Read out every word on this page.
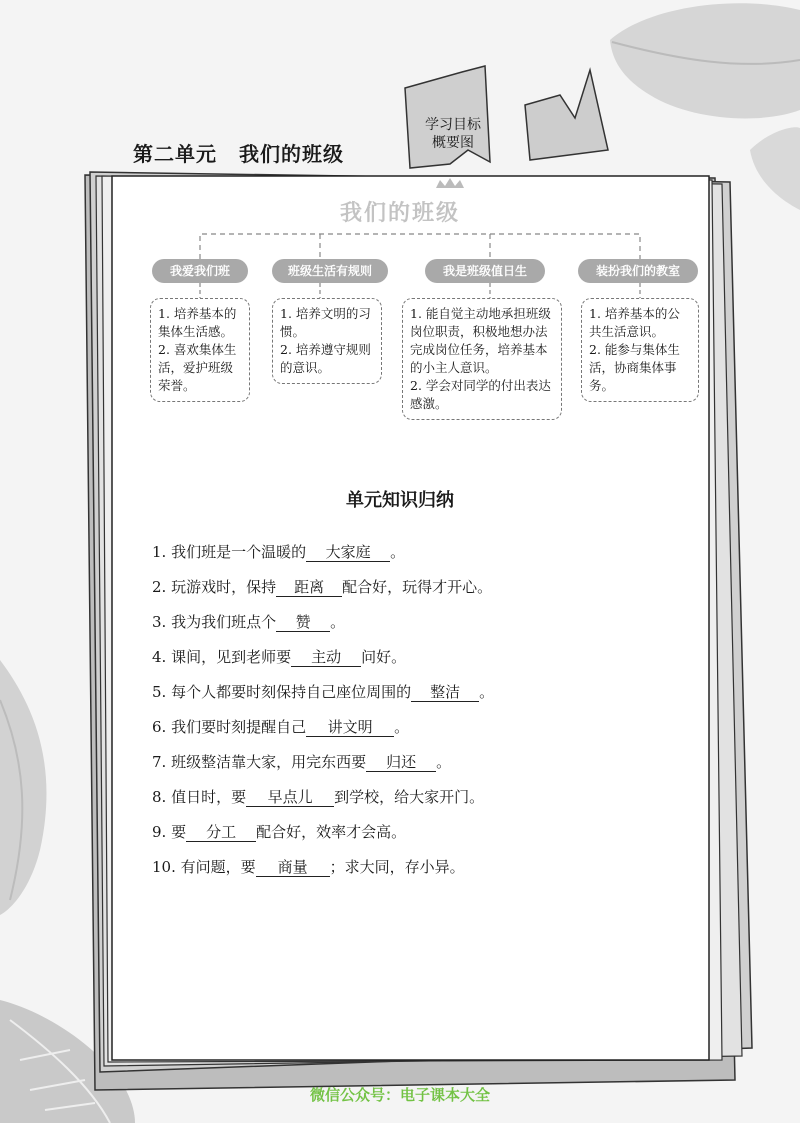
第二单元 我们的班级
学习目标
概要图
我们的班级
我爱我们班	班级生活有规则	我是班级值日生	装扮我们的教室

1. 培养基本的集体生活感。

2. 喜欢集体生活，爱护班级荣誉。

1. 培养文明的习惯。

2. 培养遵守规则的意识。

1. 能自觉主动地承担班级岗位职责，积极地想办法完成岗位任务，培养基本的小主人意识。

2. 学会对同学的付出表达感激。

1. 培养基本的公共生活意识。

2. 能参与集体生活，协商集体事务。

单元知识归纳
1. 我们班是一个温暖的 大家庭 。
2. 玩游戏时，保持 距离 配合好，玩得才开心。
3. 我为我们班点个 赞 。
4. 课间，见到老师要 主动 问好。
5. 每个人都要时刻保持自己座位周围的 整洁 。
6. 我们要时刻提醒自己 讲文明 。
7. 班级整洁靠大家，用完东西要 归还 。
8. 值日时，要 早点儿 到学校，给大家开门。
9. 要 分工 配合好，效率才会高。
10. 有问题，要 商量 ；求大同，存小异。
微信公众号：电子课本大全
